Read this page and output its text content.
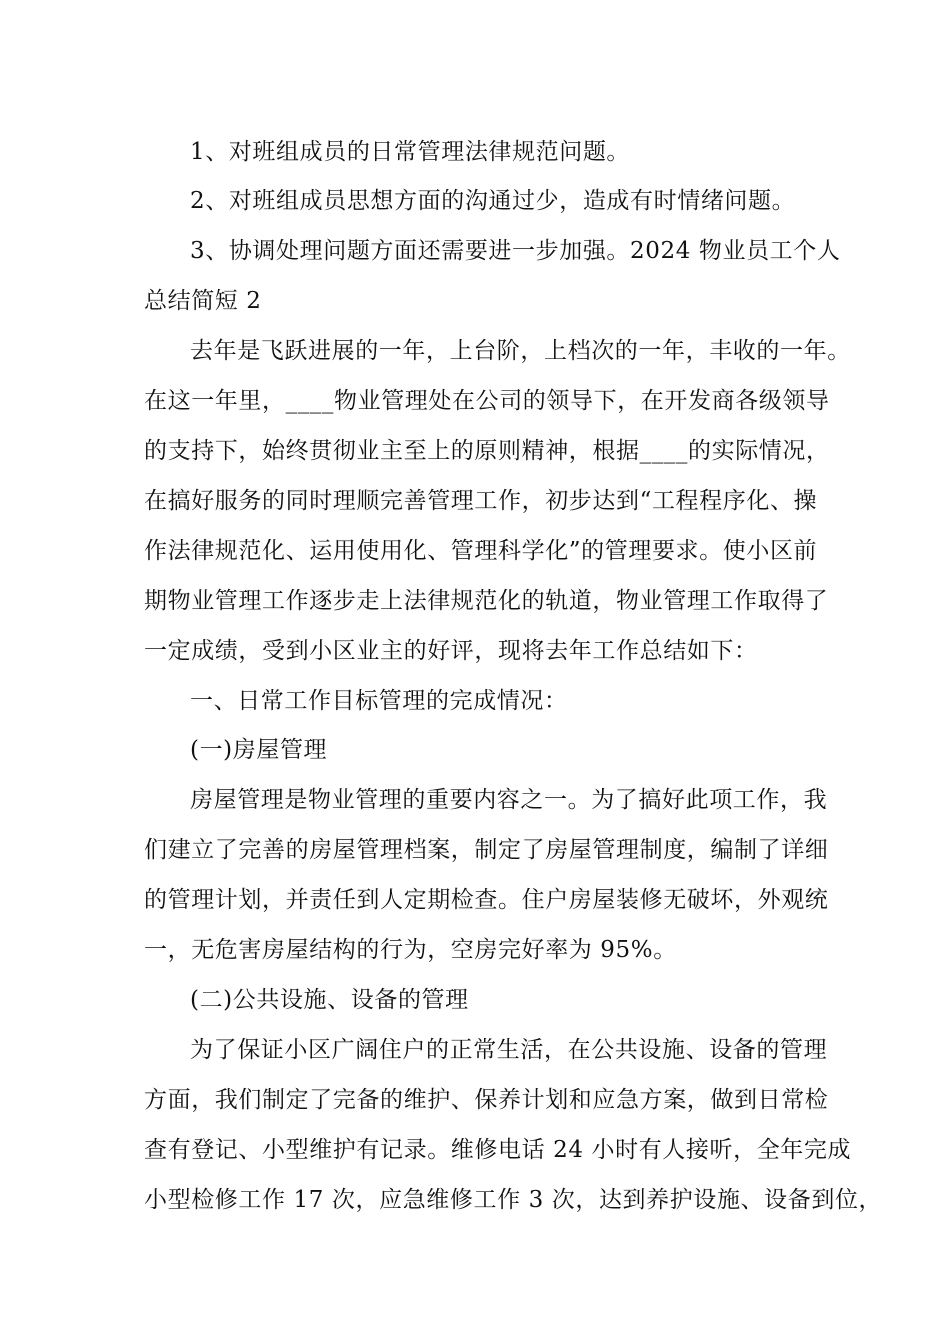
1、对班组成员的日常管理法律规范问题。
2、对班组成员思想方面的沟通过少，造成有时情绪问题。
3、协调处理问题方面还需要进一步加强。2024 物业员工个人
总结简短 2
去年是飞跃进展的一年，上台阶，上档次的一年，丰收的一年。
在这一年里，____物业管理处在公司的领导下，在开发商各级领导
的支持下，始终贯彻业主至上的原则精神，根据____的实际情况，
在搞好服务的同时理顺完善管理工作，初步达到“工程程序化、操
作法律规范化、运用使用化、管理科学化”的管理要求。使小区前
期物业管理工作逐步走上法律规范化的轨道，物业管理工作取得了
一定成绩，受到小区业主的好评，现将去年工作总结如下：
一、日常工作目标管理的完成情况：
(一)房屋管理
房屋管理是物业管理的重要内容之一。为了搞好此项工作，我
们建立了完善的房屋管理档案，制定了房屋管理制度，编制了详细
的管理计划，并责任到人定期检查。住户房屋装修无破坏，外观统
一，无危害房屋结构的行为，空房完好率为 95%。
(二)公共设施、设备的管理
为了保证小区广阔住户的正常生活，在公共设施、设备的管理
方面，我们制定了完备的维护、保养计划和应急方案，做到日常检
查有登记、小型维护有记录。维修电话 24 小时有人接听，全年完成
小型检修工作 17 次，应急维修工作 3 次，达到养护设施、设备到位，
